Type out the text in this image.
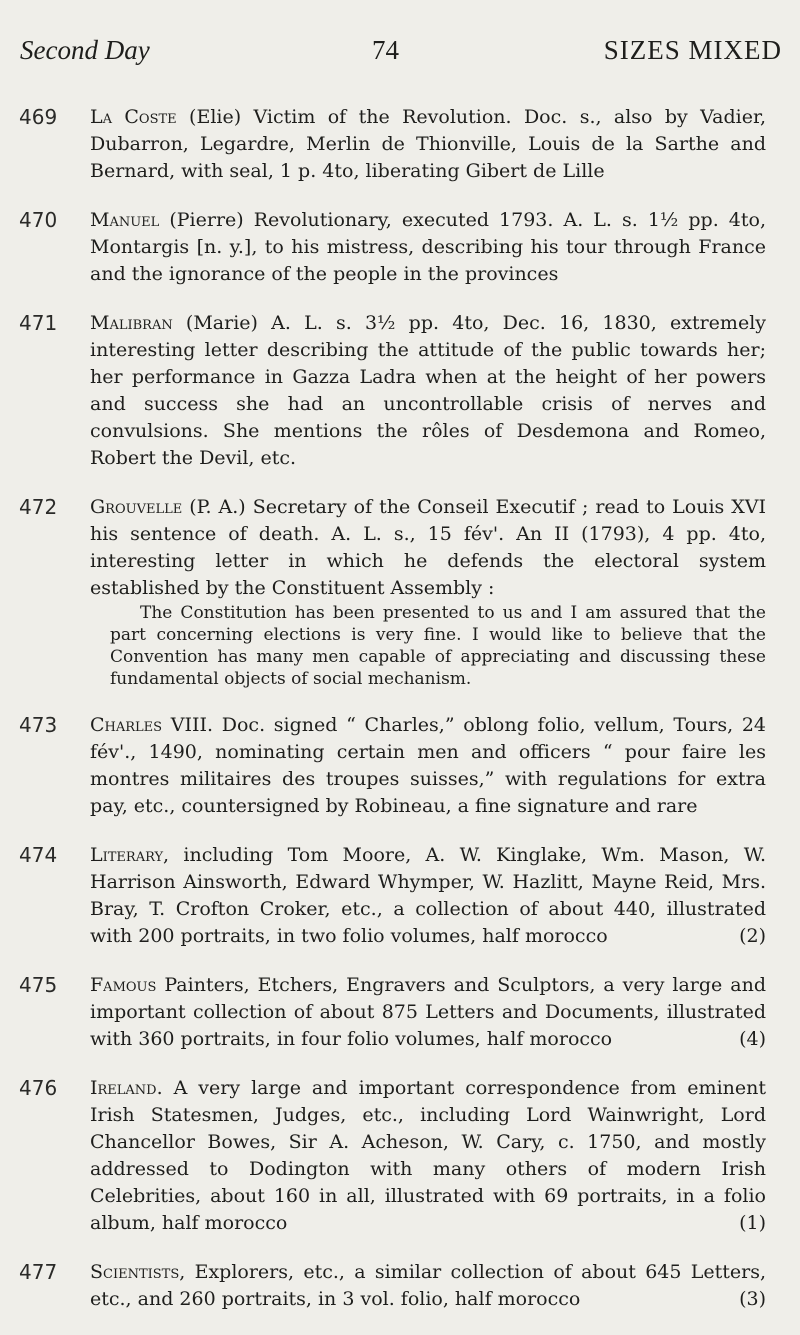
Second Day	74	SIZES MIXED
469	La Coste (Elie) Victim of the Revolution. Doc. s., also by Vadier, Dubarron, Legardre, Merlin de Thionville, Louis de la Sarthe and Bernard, with seal, 1 p. 4to, liberating Gibert de Lille
470	Manuel (Pierre) Revolutionary, executed 1793. A. L. s. 1½ pp. 4to, Montargis [n. y.], to his mistress, describing his tour through France and the ignorance of the people in the provinces
471	Malibran (Marie) A. L. s. 3½ pp. 4to, Dec. 16, 1830, extremely interesting letter describing the attitude of the public towards her; her performance in Gazza Ladra when at the height of her powers and success she had an uncontrollable crisis of nerves and convulsions. She mentions the rôles of Desdemona and Romeo, Robert the Devil, etc.
472	Grouvelle (P. A.) Secretary of the Conseil Executif ; read to Louis XVI his sentence of death. A. L. s., 15 fév'. An II (1793), 4 pp. 4to, interesting letter in which he defends the electoral system established by the Constituent Assembly :
The Constitution has been presented to us and I am assured that the part concerning elections is very fine. I would like to believe that the Convention has many men capable of appreciating and discussing these fundamental objects of social mechanism.
473	Charles VIII. Doc. signed “ Charles,” oblong folio, vellum, Tours, 24 fév'., 1490, nominating certain men and officers “ pour faire les montres militaires des troupes suisses,” with regulations for extra pay, etc., countersigned by Robineau, a fine signature and rare
474	Literary, including Tom Moore, A. W. Kinglake, Wm. Mason, W. Harrison Ainsworth, Edward Whymper, W. Hazlitt, Mayne Reid, Mrs. Bray, T. Crofton Croker, etc., a collection of about 440, illustrated with 200 portraits, in two folio volumes, half morocco	(2)
475	Famous Painters, Etchers, Engravers and Sculptors, a very large and important collection of about 875 Letters and Documents, illustrated with 360 portraits, in four folio volumes, half morocco	(4)
476	Ireland. A very large and important correspondence from eminent Irish Statesmen, Judges, etc., including Lord Wainwright, Lord Chancellor Bowes, Sir A. Acheson, W. Cary, c. 1750, and mostly addressed to Dodington with many others of modern Irish Celebrities, about 160 in all, illustrated with 69 portraits, in a folio album, half morocco	(1)
477	Scientists, Explorers, etc., a similar collection of about 645 Letters, etc., and 260 portraits, in 3 vol. folio, half morocco	(3)
